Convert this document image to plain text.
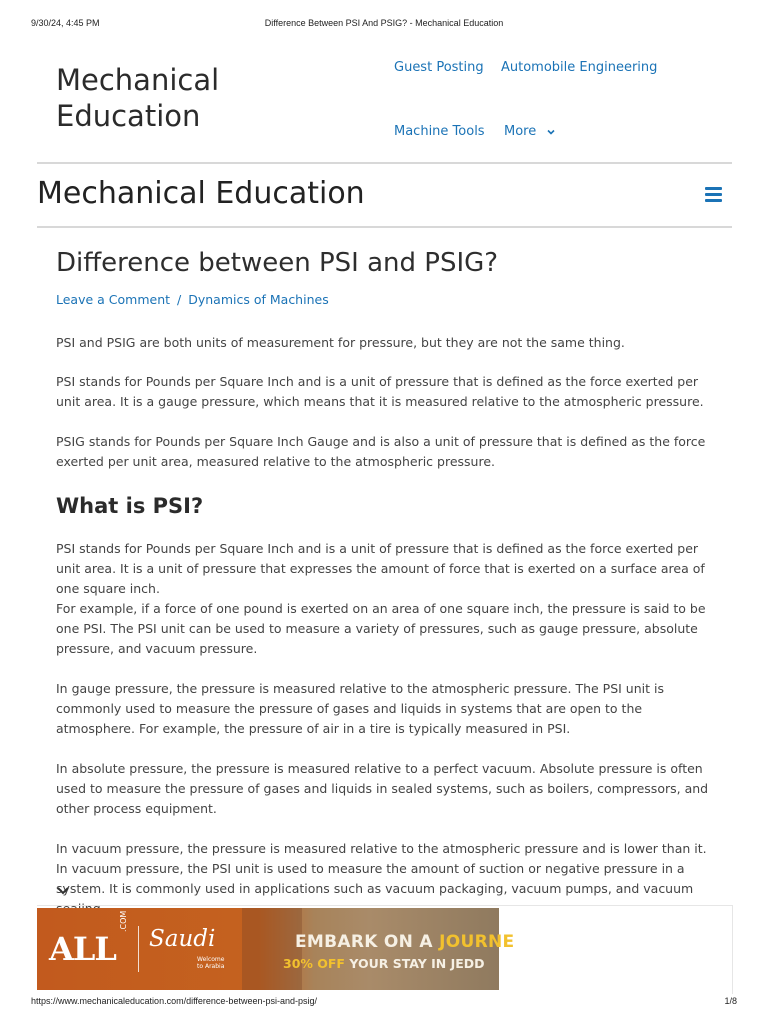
9/30/24, 4:45 PM	Difference Between PSI And PSIG? - Mechanical Education
Mechanical
Education
Guest Posting Automobile Engineering
Machine Tools More
Mechanical Education
Difference between PSI and PSIG?
Leave a Comment / Dynamics of Machines

PSI and PSIG are both units of measurement for pressure, but they are not the same thing.

PSI stands for Pounds per Square Inch and is a unit of pressure that is defined as the force exerted per unit area. It is a gauge pressure, which means that it is measured relative to the atmospheric pressure.

PSIG stands for Pounds per Square Inch Gauge and is also a unit of pressure that is defined as the force exerted per unit area, measured relative to the atmospheric pressure.

What is PSI?

PSI stands for Pounds per Square Inch and is a unit of pressure that is defined as the force exerted per unit area. It is a unit of pressure that expresses the amount of force that is exerted on a surface area of one square inch.

For example, if a force of one pound is exerted on an area of one square inch, the pressure is said to be one PSI. The PSI unit can be used to measure a variety of pressures, such as gauge pressure, absolute pressure, and vacuum pressure.

In gauge pressure, the pressure is measured relative to the atmospheric pressure. The PSI unit is commonly used to measure the pressure of gases and liquids in systems that are open to the atmosphere. For example, the pressure of air in a tire is typically measured in PSI.

In absolute pressure, the pressure is measured relative to a perfect vacuum. Absolute pressure is often used to measure the pressure of gases and liquids in sealed systems, such as boilers, compressors, and other process equipment.

In vacuum pressure, the pressure is measured relative to the atmospheric pressure and is lower than it. In vacuum pressure, the PSI unit is used to measure the amount of suction or negative pressure in a system. It is commonly used in applications such as vacuum packaging, vacuum pumps, and vacuum

ALL
.COM
Saudi
Welcome
to Arabia
EMBARK ON A JOURNE
30% OFF YOUR STAY IN JEDD
https://www.mechanicaleducation.com/difference-between-psi-and-psig/	1/8
